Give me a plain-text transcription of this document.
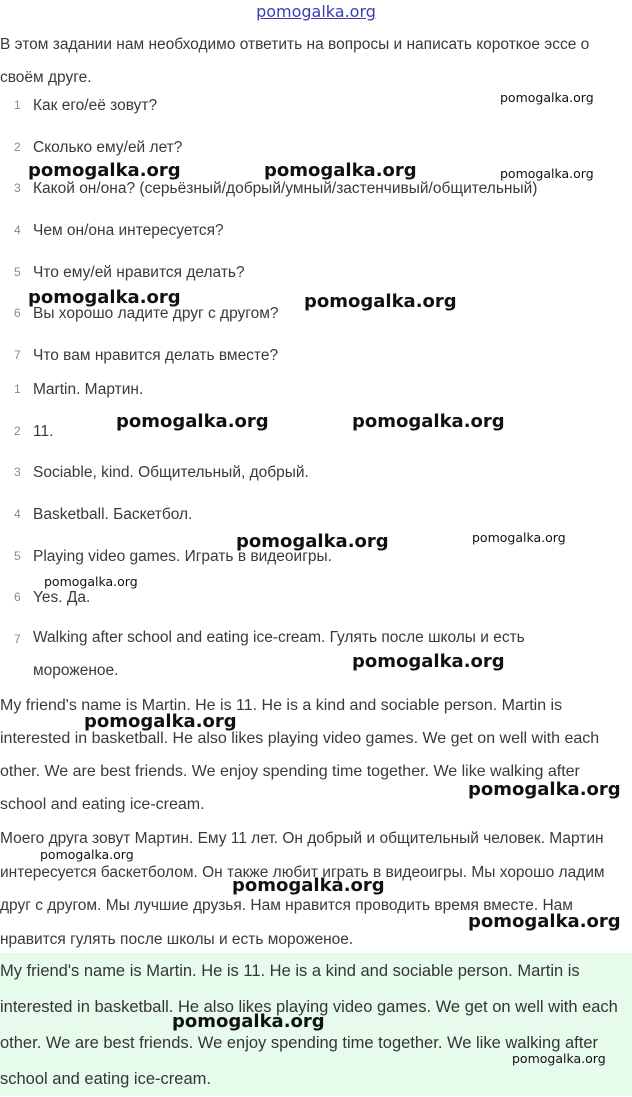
pomogalka.org
В этом задании нам необходимо ответить на вопросы и написать короткое эссе о своём друге.
1 Как его/её зовут?
2 Сколько ему/ей лет?
3 Какой он/она? (серьёзный/добрый/умный/застенчивый/общительный)
4 Чем он/она интересуется?
5 Что ему/ей нравится делать?
6 Вы хорошо ладите друг с другом?
7 Что вам нравится делать вместе?
1 Martin. Мартин.
2 11.
3 Sociable, kind. Общительный, добрый.
4 Basketball. Баскетбол.
5 Playing video games. Играть в видеоигры.
6 Yes. Да.
7 Walking after school and eating ice-cream. Гулять после школы и есть мороженое.
My friend's name is Martin. He is 11. He is a kind and sociable person. Martin is interested in basketball. He also likes playing video games. We get on well with each other. We are best friends. We enjoy spending time together. We like walking after school and eating ice-cream.
Моего друга зовут Мартин. Ему 11 лет. Он добрый и общительный человек. Мартин интересуется баскетболом. Он также любит играть в видеоигры. Мы хорошо ладим друг с другом. Мы лучшие друзья. Нам нравится проводить время вместе. Нам нравится гулять после школы и есть мороженое.
My friend's name is Martin. He is 11. He is a kind and sociable person. Martin is interested in basketball. He also likes playing video games. We get on well with each other. We are best friends. We enjoy spending time together. We like walking after school and eating ice-cream.
pomogalka.org
pomogalka.org	pomogalka.org	pomogalka.org
pomogalka.org	pomogalka.org
pomogalka.org	pomogalka.org
pomogalka.org	pomogalka.org
pomogalka.org
pomogalka.org
pomogalka.org
pomogalka.org
pomogalka.org
pomogalka.org
pomogalka.org
pomogalka.org
pomogalka.org
